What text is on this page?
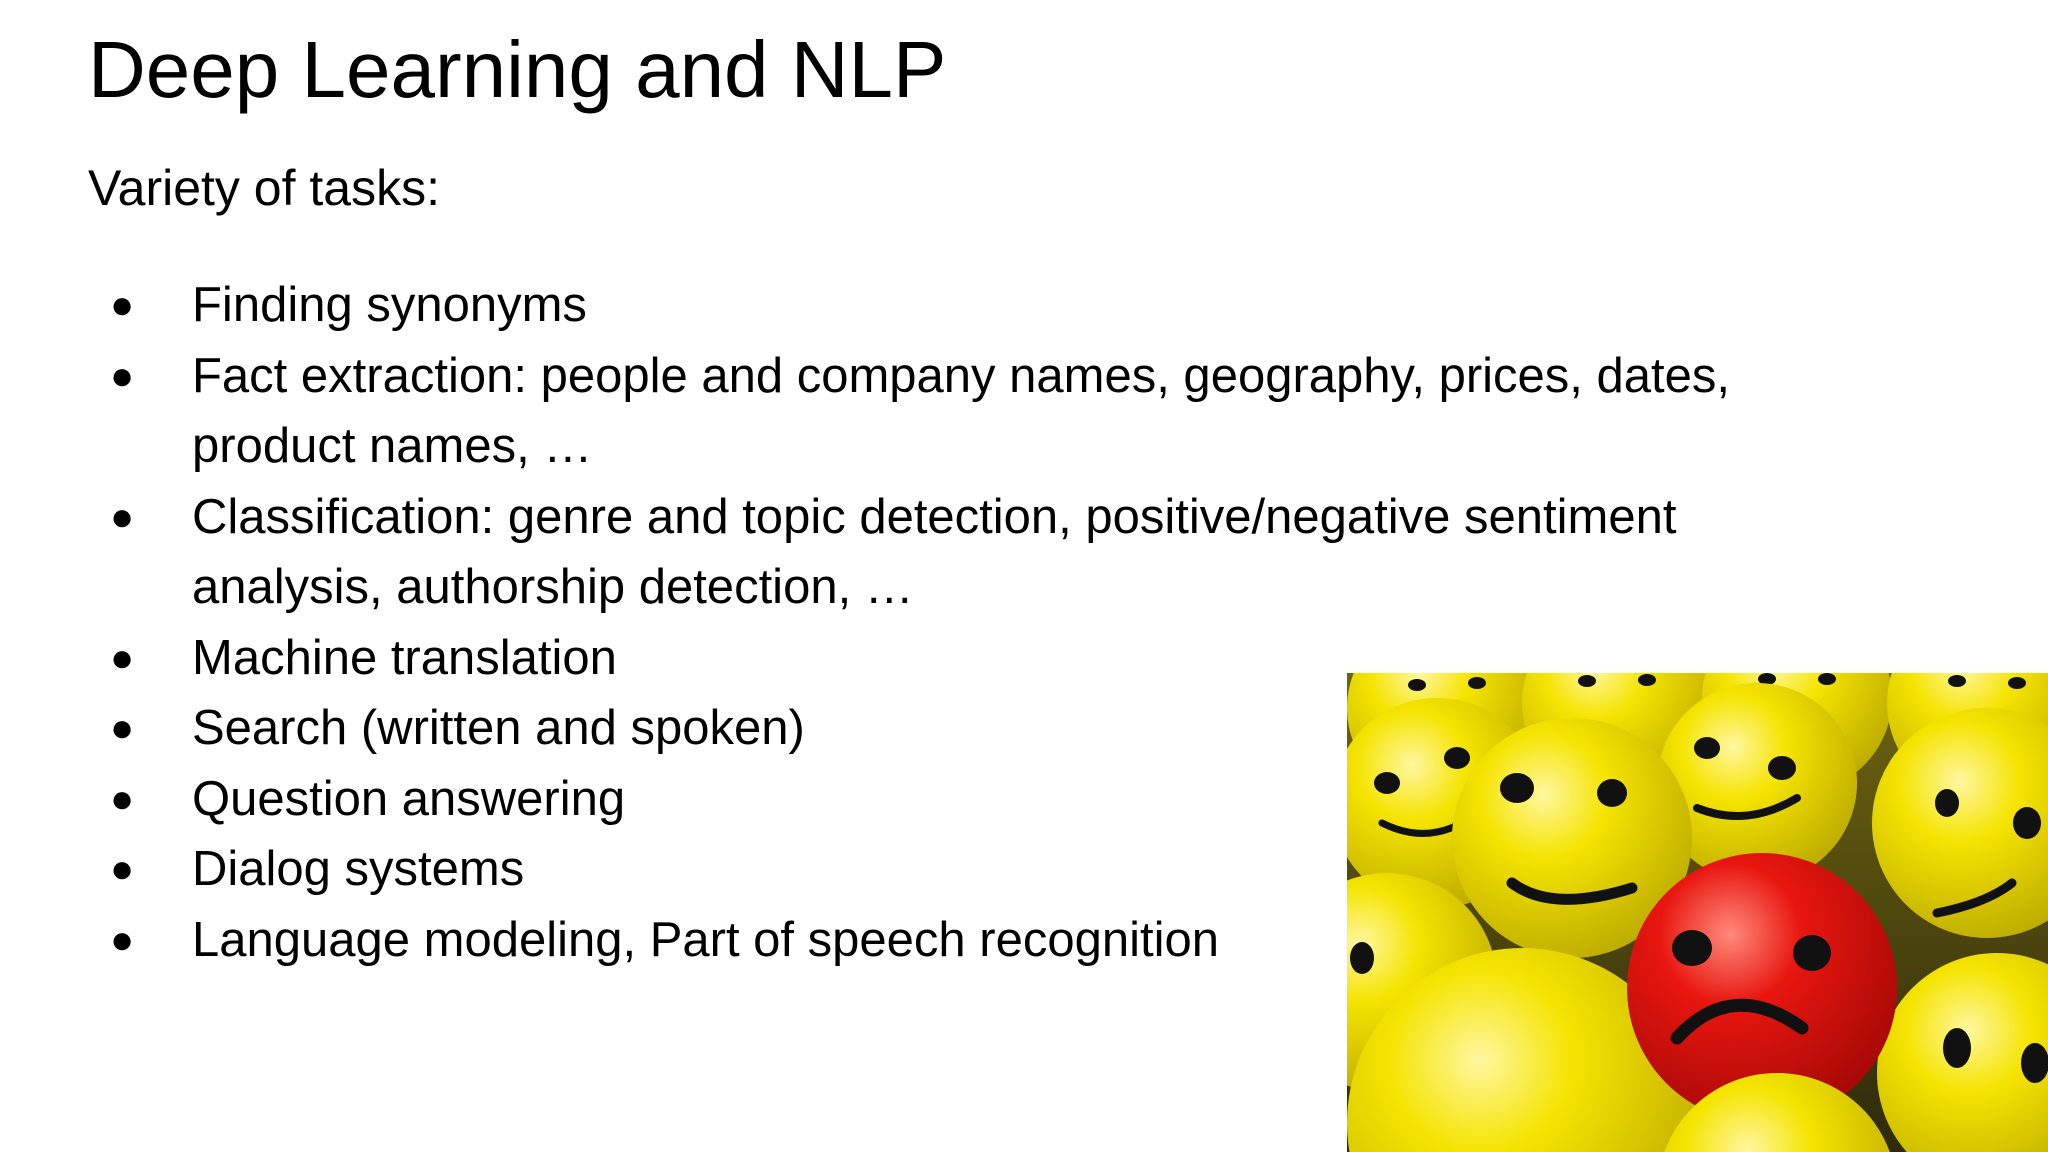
Deep Learning and NLP

Variety of tasks:

● Finding synonyms
● Fact extraction: people and company names, geography, prices, dates,
product names, …
● Classification: genre and topic detection, positive/negative sentiment
analysis, authorship detection, …
● Machine translation
● Search (written and spoken)
● Question answering
● Dialog systems
● Language modeling, Part of speech recognition
